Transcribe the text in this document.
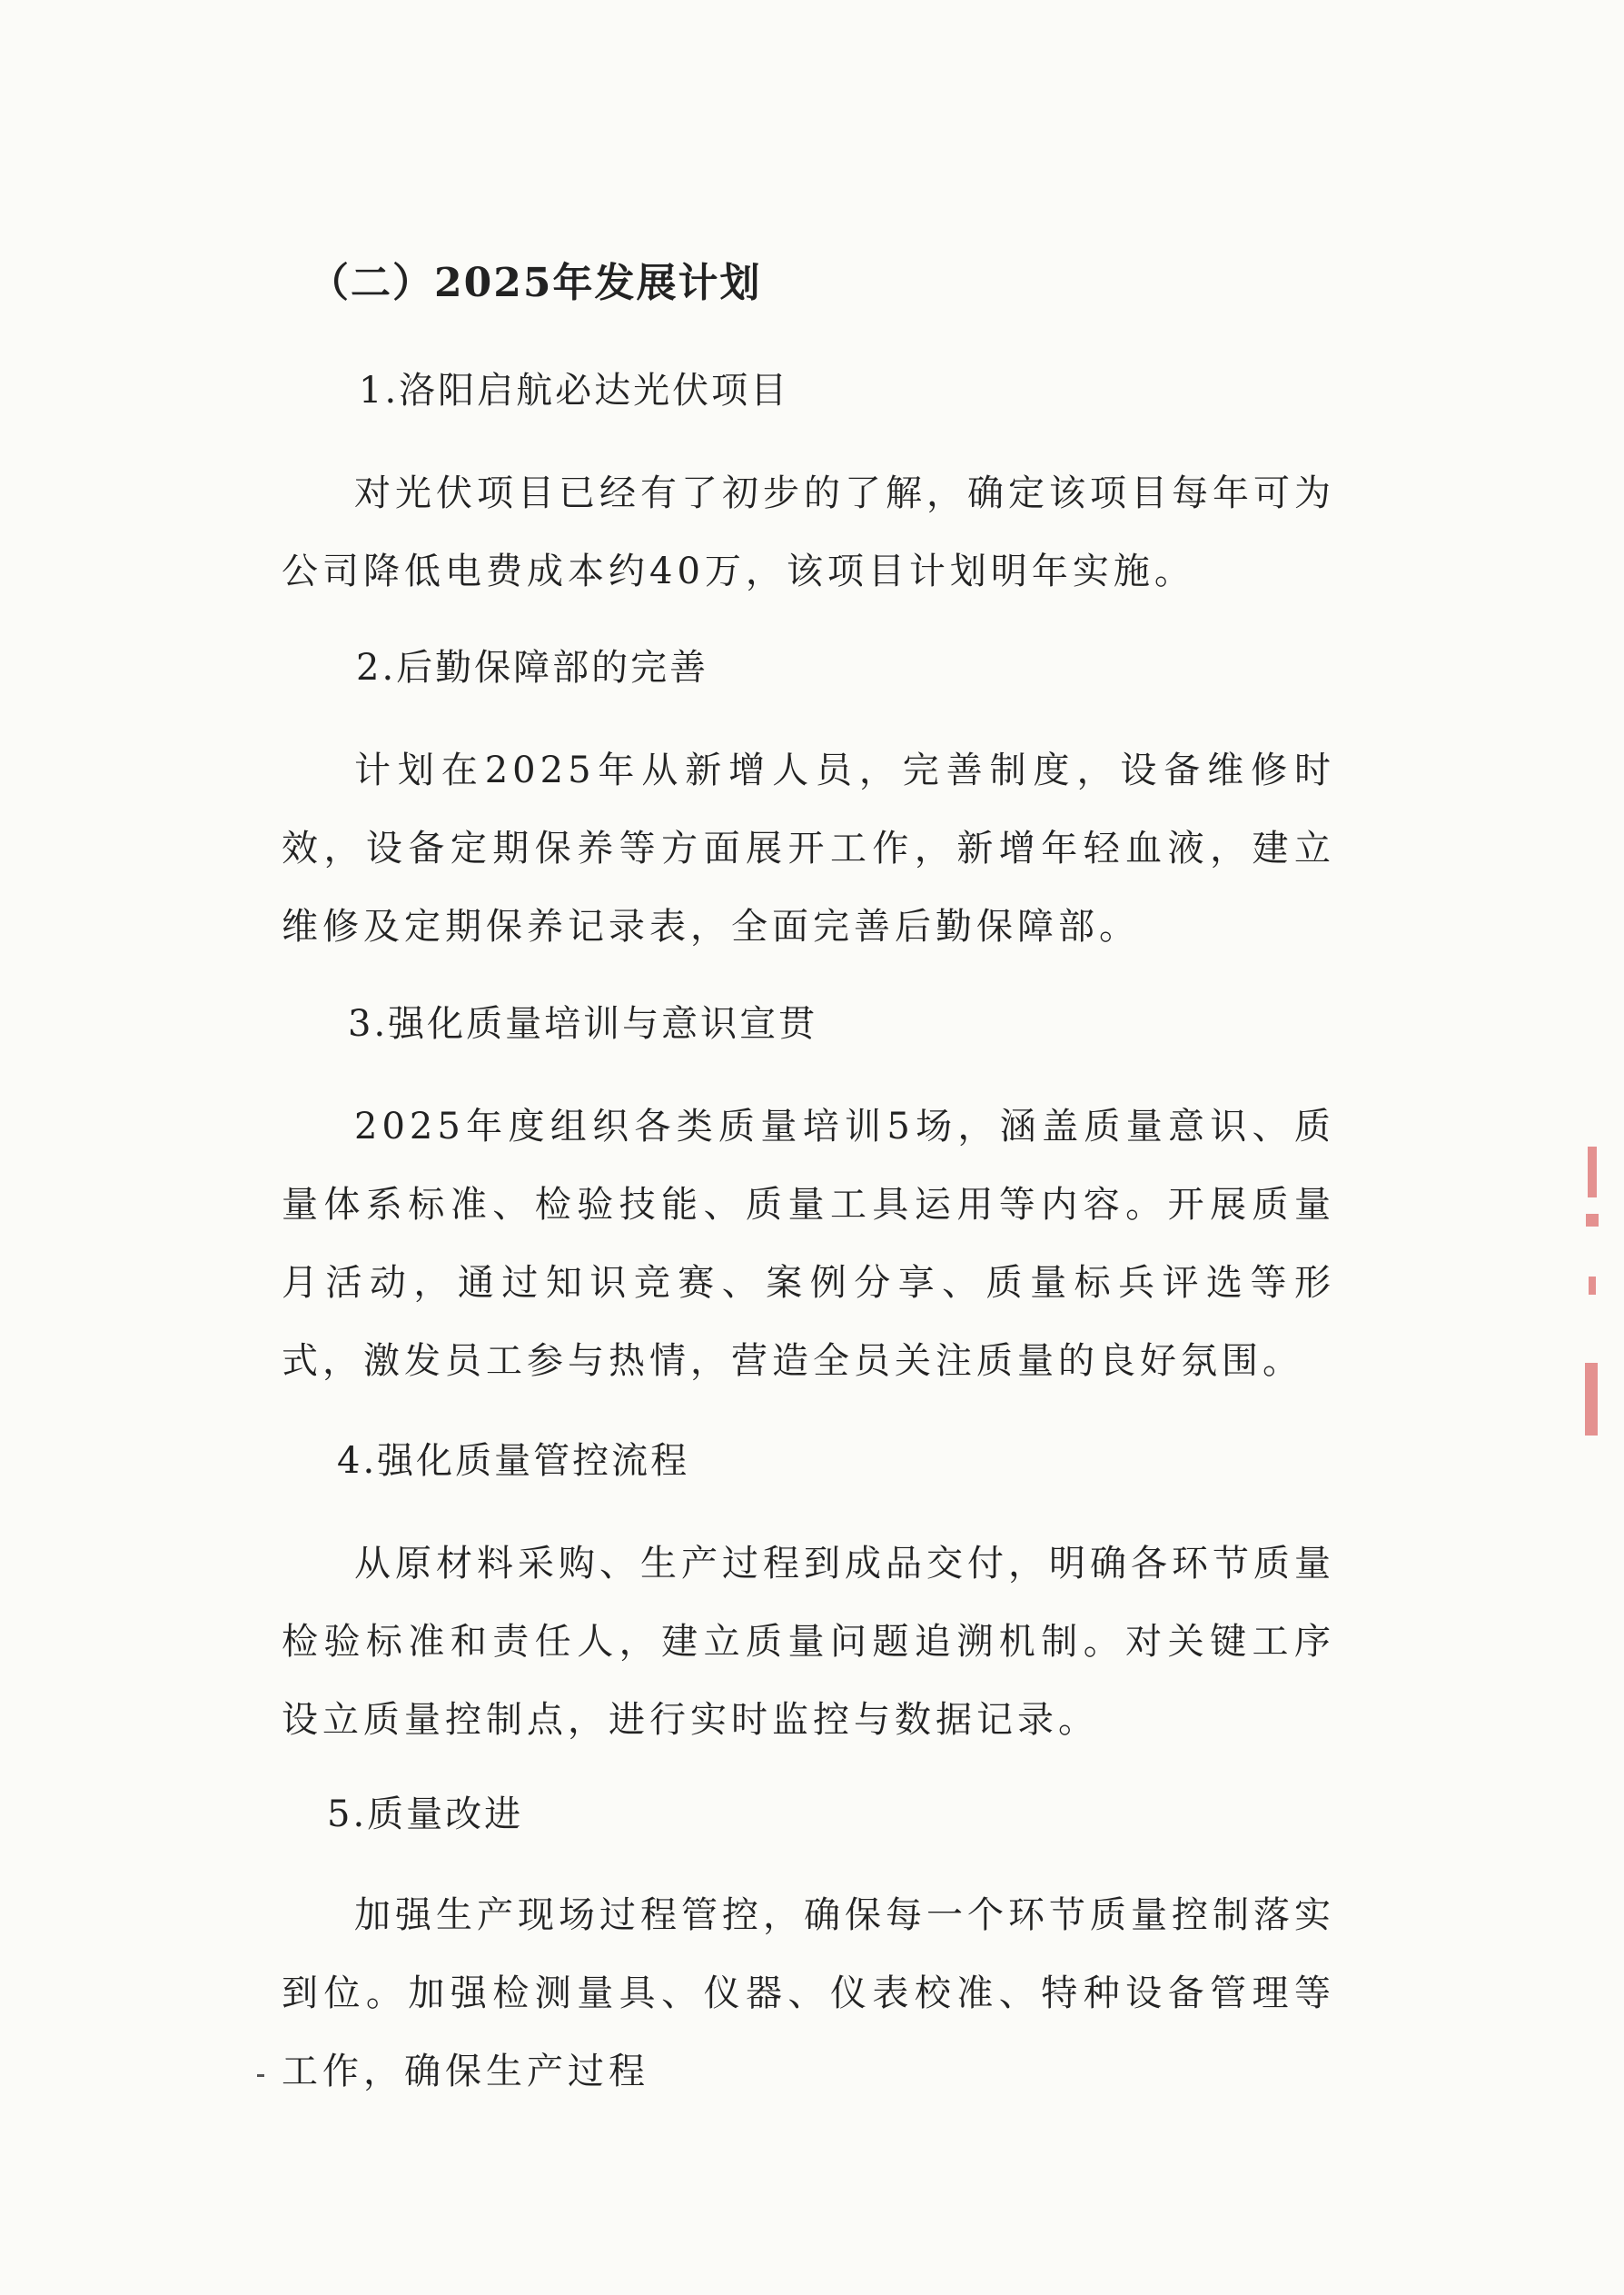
（二）2025年发展计划
1.洛阳启航必达光伏项目

对光伏项目已经有了初步的了解，确定该项目每年可为公司降低电费成本约40万，该项目计划明年实施。

2.后勤保障部的完善

计划在2025年从新增人员，完善制度，设备维修时效，设备定期保养等方面展开工作，新增年轻血液，建立维修及定期保养记录表，全面完善后勤保障部。

3.强化质量培训与意识宣贯

2025年度组织各类质量培训5场，涵盖质量意识、质量体系标准、检验技能、质量工具运用等内容。开展质量月活动，通过知识竞赛、案例分享、质量标兵评选等形式，激发员工参与热情，营造全员关注质量的良好氛围。

4.强化质量管控流程

从原材料采购、生产过程到成品交付，明确各环节质量检验标准和责任人，建立质量问题追溯机制。对关键工序设立质量控制点，进行实时监控与数据记录。

5.质量改进

加强生产现场过程管控，确保每一个环节质量控制落实到位。加强检测量具、仪器、仪表校准、特种设备管理等工作，确保生产过程
